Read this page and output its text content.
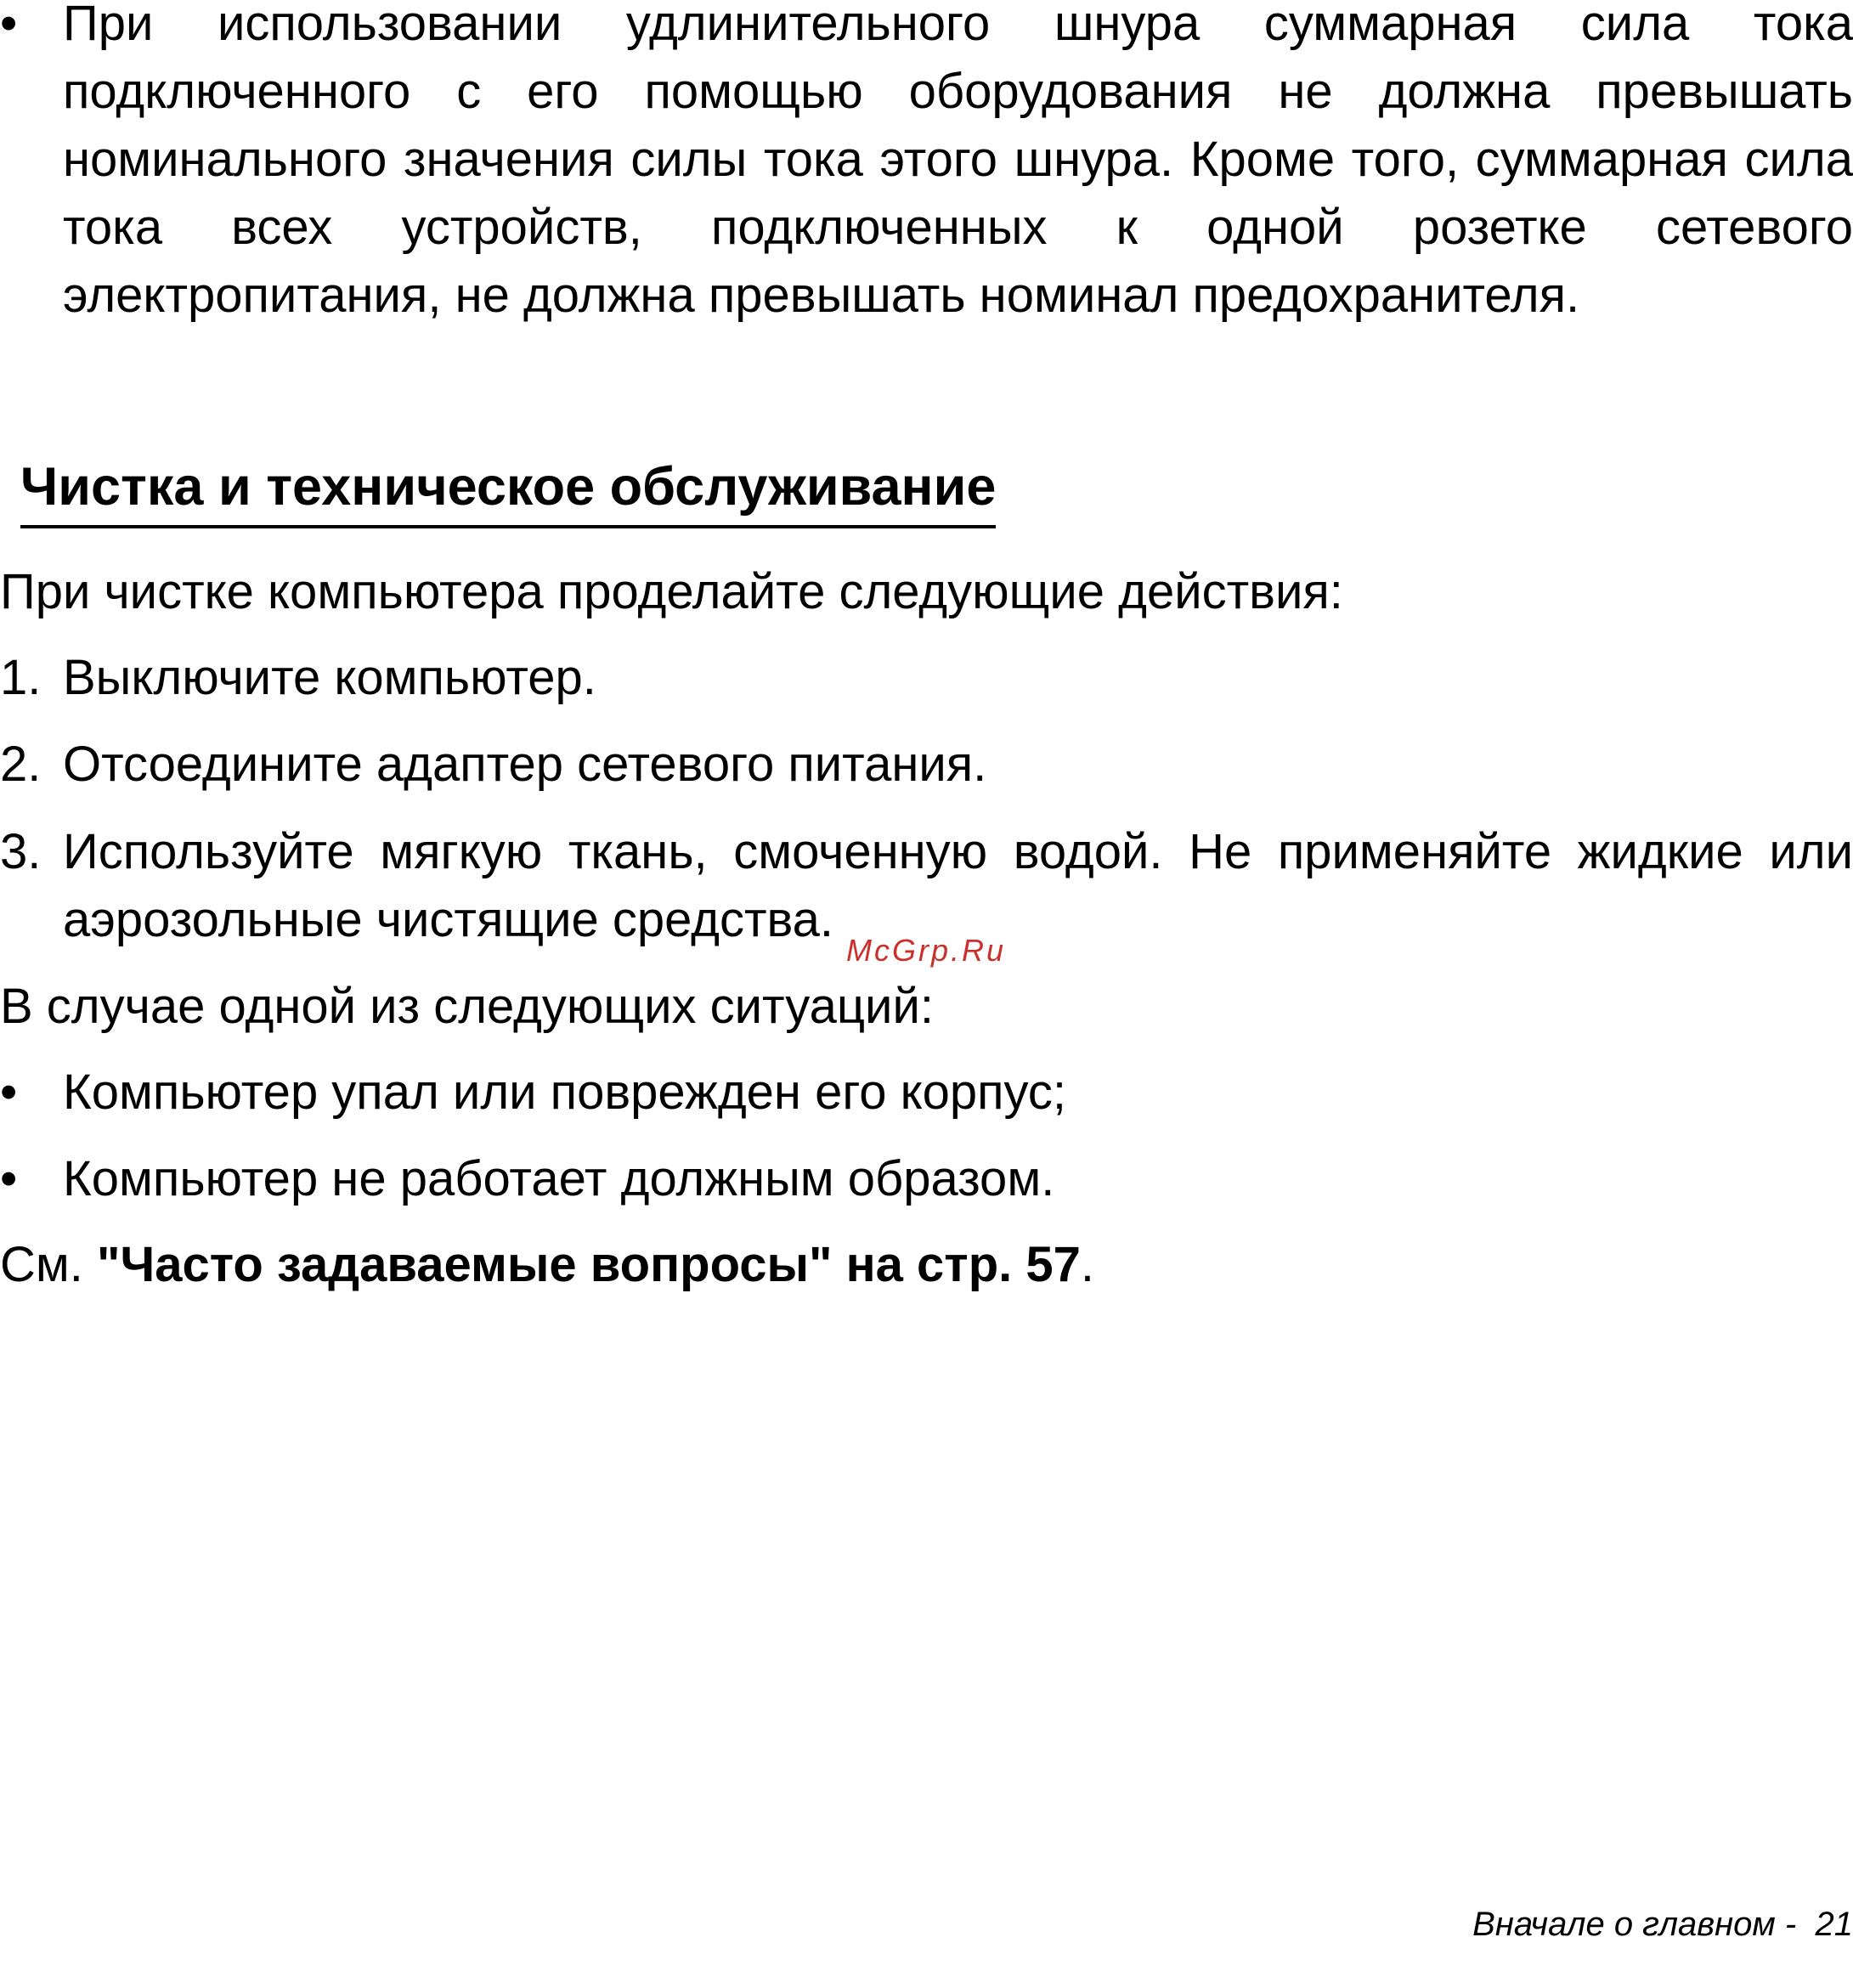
• При использовании удлинительного шнура суммарная сила тока подключенного с его помощью оборудования не должна превышать номинального значения силы тока этого шнура. Кроме того, суммарная сила тока всех устройств, подключенных к одной розетке сетевого электропитания, не должна превышать номинал предохранителя.
Чистка и техническое обслуживание
При чистке компьютера проделайте следующие действия:
1. Выключите компьютер.
2. Отсоедините адаптер сетевого питания.
3. Используйте мягкую ткань, смоченную водой. Не применяйте жидкие или аэрозольные чистящие средства.
McGrp.Ru
В случае одной из следующих ситуаций:
• Компьютер упал или поврежден его корпус;
• Компьютер не работает должным образом.
См. "Часто задаваемые вопросы" на стр. 57.

Вначале о главном - 21
